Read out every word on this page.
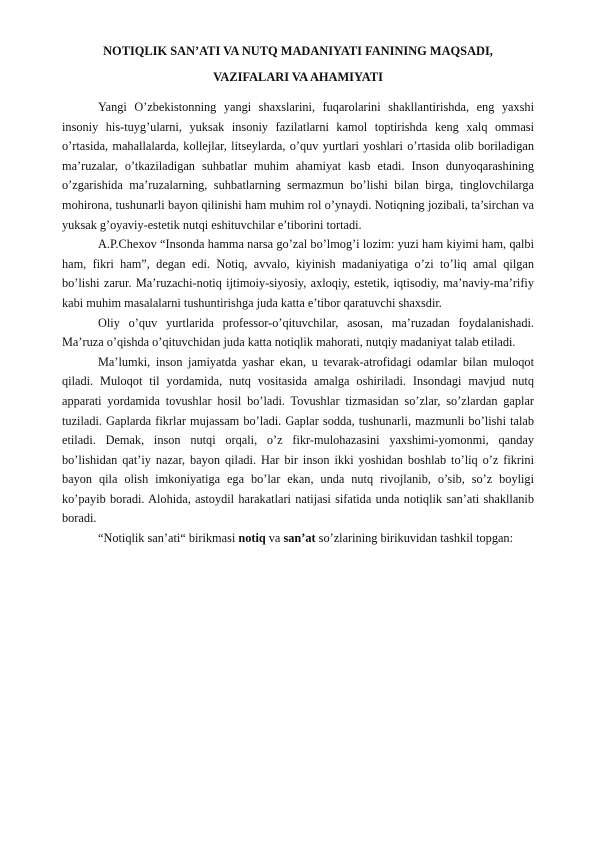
NOTIQLIK SAN’ATI VA NUTQ MADANIYATI FANINING MAQSADI,
VAZIFALARI VA AHAMIYATI

Yangi O’zbekistonning yangi shaxslarini, fuqarolarini shakllantirishda, eng yaxshi insoniy his-tuyg’ularni, yuksak insoniy fazilatlarni kamol toptirishda keng xalq ommasi o’rtasida, mahallalarda, kollejlar, litseylarda, o’quv yurtlari yoshlari o’rtasida olib boriladigan ma’ruzalar, o’tkaziladigan suhbatlar muhim ahamiyat kasb etadi. Inson dunyoqarashining o’zgarishida ma’ruzalarning, suhbatlarning sermazmun bo’lishi bilan birga, tinglovchilarga mohirona, tushunarli bayon qilinishi ham muhim rol o’ynaydi. Notiqning jozibali, ta’sirchan va yuksak g’oyaviy-estetik nutqi eshituvchilar e’tiborini tortadi.

A.P.Chexov “Insonda hamma narsa go’zal bo’lmog’i lozim: yuzi ham kiyimi ham, qalbi ham, fikri ham”, degan edi. Notiq, avvalo, kiyinish madaniyatiga o’zi to’liq amal qilgan bo’lishi zarur. Ma’ruzachi-notiq ijtimoiy-siyosiy, axloqiy, estetik, iqtisodiy, ma’naviy-ma’rifiy kabi muhim masalalarni tushuntirishga juda katta e’tibor qaratuvchi shaxsdir.

Oliy o’quv yurtlarida professor-o’qituvchilar, asosan, ma’ruzadan foydalanishadi. Ma’ruza o’qishda o’qituvchidan juda katta notiqlik mahorati, nutqiy madaniyat talab etiladi.

Ma’lumki, inson jamiyatda yashar ekan, u tevarak-atrofidagi odamlar bilan muloqot qiladi. Muloqot til yordamida, nutq vositasida amalga oshiriladi. Insondagi mavjud nutq apparati yordamida tovushlar hosil bo’ladi. Tovushlar tizmasidan so’zlar, so’zlardan gaplar tuziladi. Gaplarda fikrlar mujassam bo’ladi. Gaplar sodda, tushunarli, mazmunli bo’lishi talab etiladi. Demak, inson nutqi orqali, o’z fikr-mulohazasini yaxshimi-yomonmi, qanday bo’lishidan qat’iy nazar, bayon qiladi. Har bir inson ikki yoshidan boshlab to’liq o’z fikrini bayon qila olish imkoniyatiga ega bo’lar ekan, unda nutq rivojlanib, o’sib, so’z boyligi ko’payib boradi. Alohida, astoydil harakatlari natijasi sifatida unda notiqlik san’ati shakllanib boradi.

“Notiqlik san’ati“ birikmasi notiq va san’at so’zlarining birikuvidan tashkil topgan:
